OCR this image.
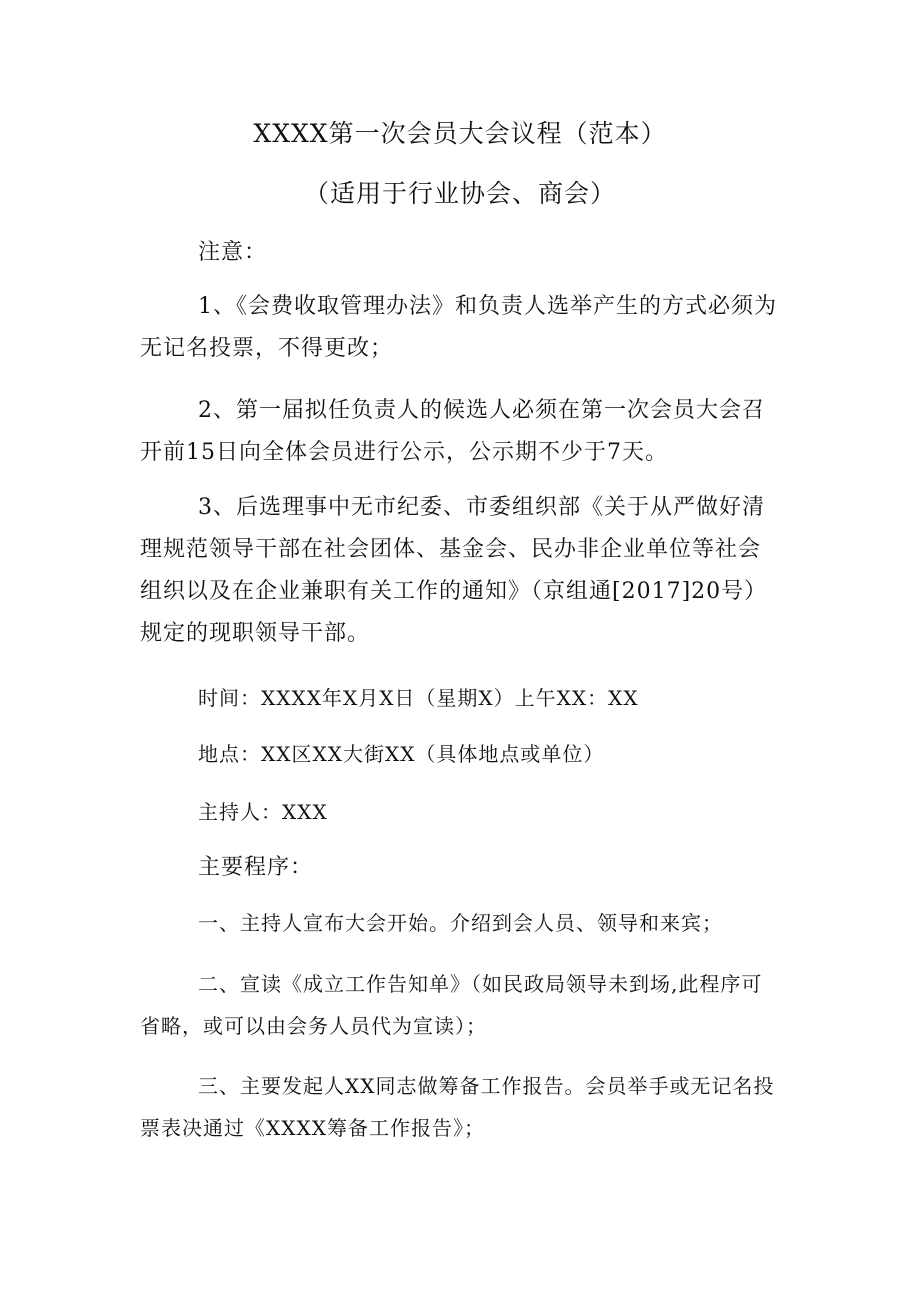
XXXX第一次会员大会议程（范本）
（适用于行业协会、商会）
注意：

1、《会费收取管理办法》和负责人选举产生的方式必须为无记名投票，不得更改；

2、第一届拟任负责人的候选人必须在第一次会员大会召开前15日向全体会员进行公示，公示期不少于7天。

3、后选理事中无市纪委、市委组织部《关于从严做好清理规范领导干部在社会团体、基金会、民办非企业单位等社会组织以及在企业兼职有关工作的通知》（京组通[2017]20号）规定的现职领导干部。

时间：XXXX年X月X日（星期X）上午XX：XX
地点：XX区XX大街XX（具体地点或单位）
主持人：XXX
主要程序：

一、主持人宣布大会开始。介绍到会人员、领导和来宾；

二、宣读《成立工作告知单》（如民政局领导未到场,此程序可省略，或可以由会务人员代为宣读）；

三、主要发起人XX同志做筹备工作报告。会员举手或无记名投票表决通过《XXXX筹备工作报告》；
